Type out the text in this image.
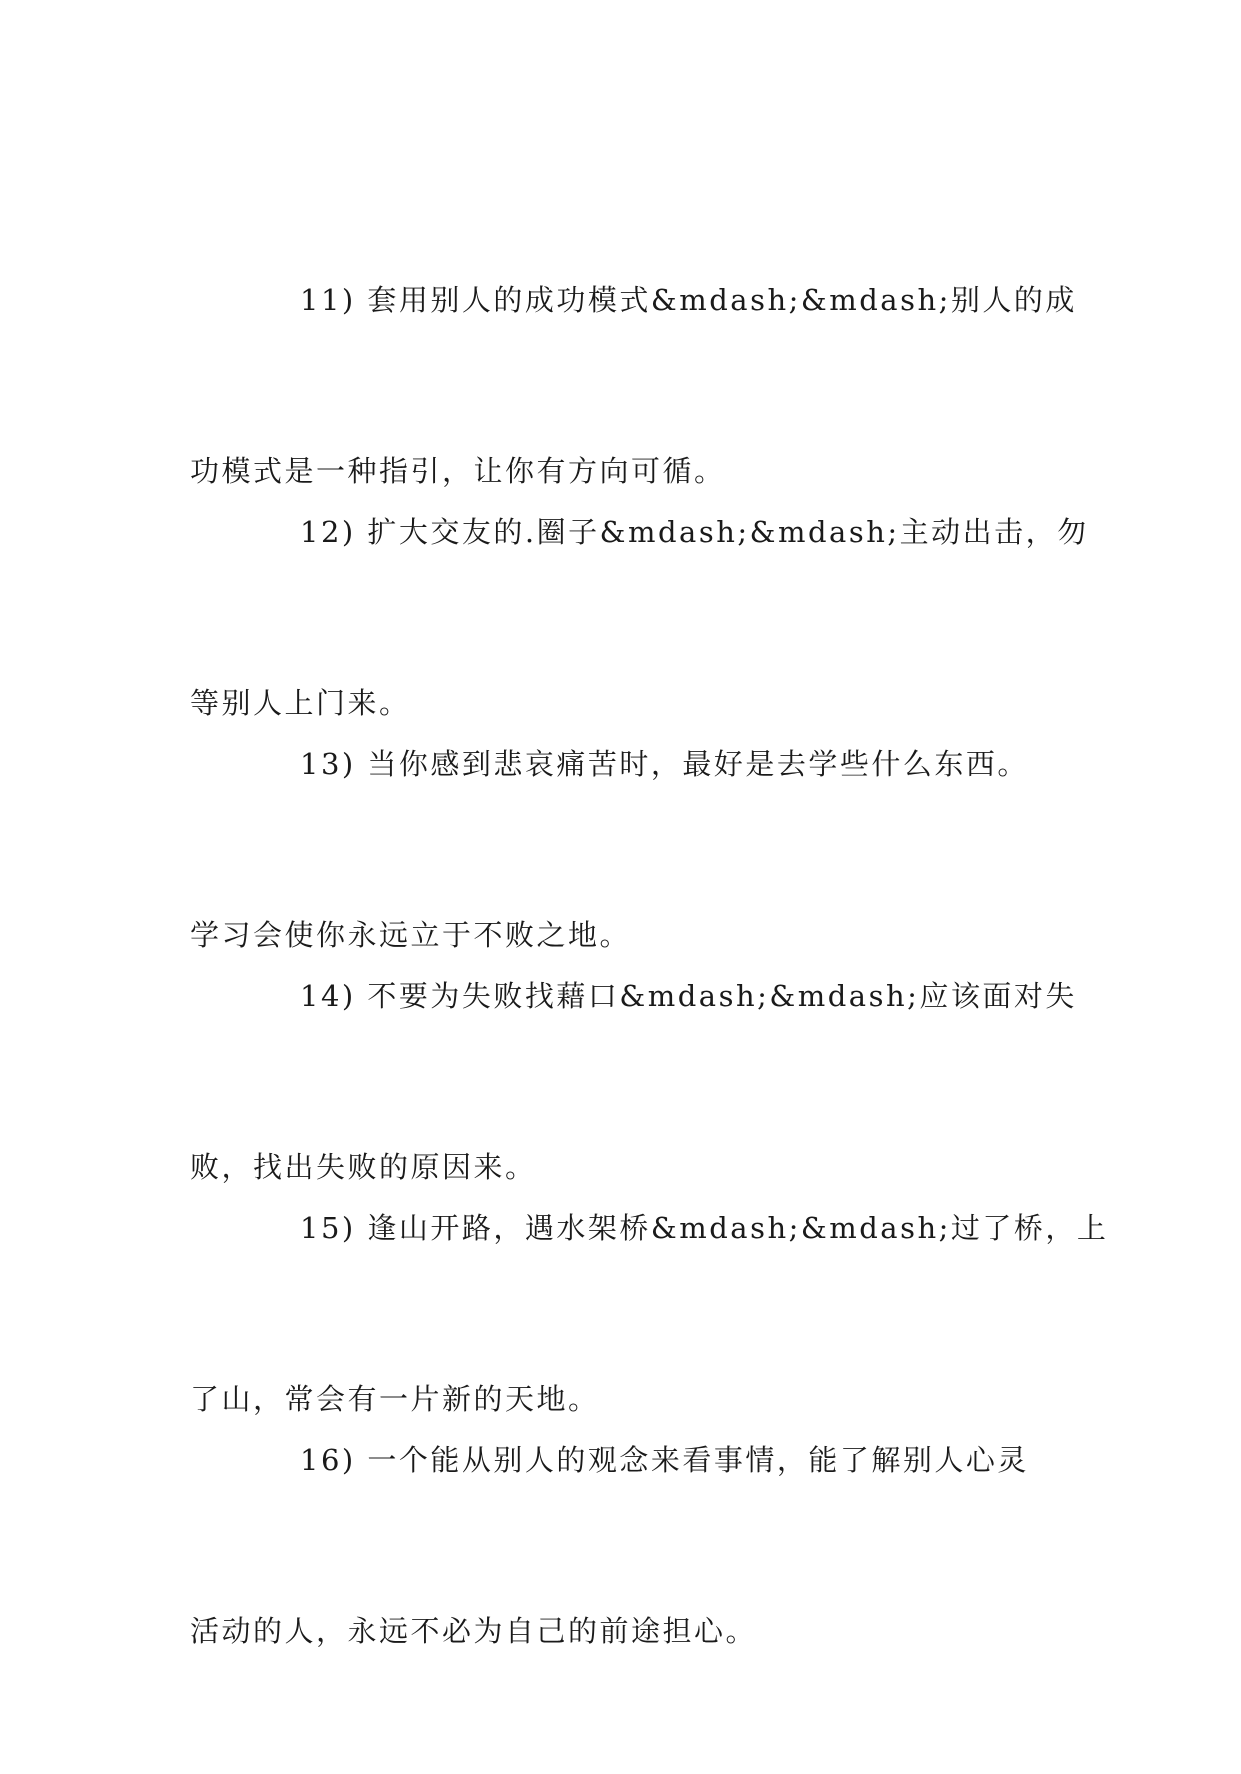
11) 套用别人的成功模式&mdash;&mdash;别人的成

功模式是一种指引，让你有方向可循。

12) 扩大交友的.圈子&mdash;&mdash;主动出击，勿

等别人上门来。

13) 当你感到悲哀痛苦时，最好是去学些什么东西。

学习会使你永远立于不败之地。

14) 不要为失败找藉口&mdash;&mdash;应该面对失

败，找出失败的原因来。

15) 逢山开路，遇水架桥&mdash;&mdash;过了桥，上

了山，常会有一片新的天地。

16) 一个能从别人的观念来看事情，能了解别人心灵

活动的人，永远不必为自己的前途担心。
